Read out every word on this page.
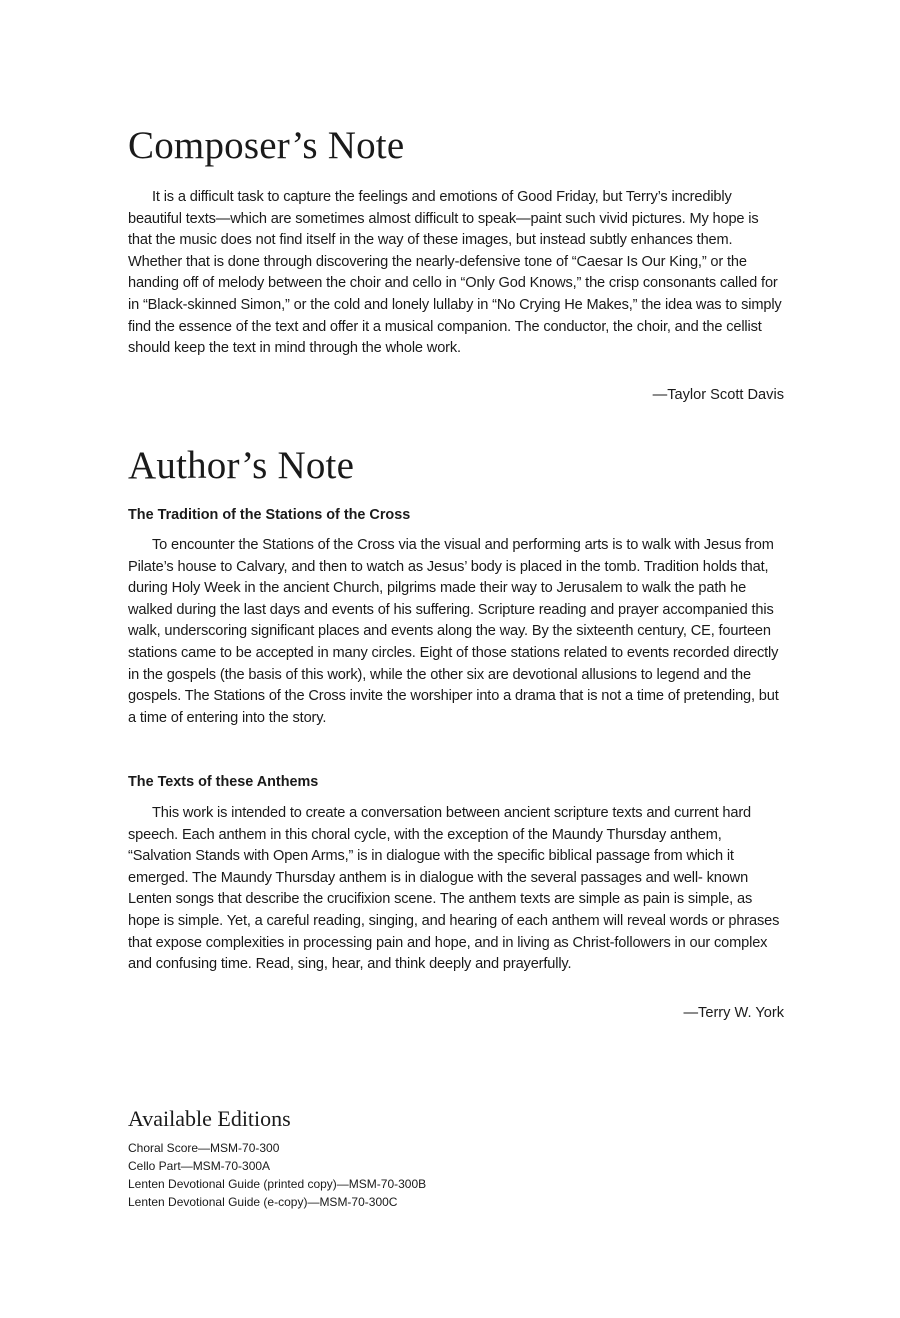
Composer’s Note

It is a difficult task to capture the feelings and emotions of Good Friday, but Terry’s incredibly beautiful texts—which are sometimes almost difficult to speak—paint such vivid pictures. My hope is that the music does not find itself in the way of these images, but instead subtly enhances them. Whether that is done through discovering the nearly-defensive tone of “Caesar Is Our King,” or the handing off of melody between the choir and cello in “Only God Knows,” the crisp consonants called for in “Black-skinned Simon,” or the cold and lonely lullaby in “No Crying He Makes,” the idea was to simply find the essence of the text and offer it a musical companion. The conductor, the choir, and the cellist should keep the text in mind through the whole work.

—Taylor Scott Davis

Author’s Note

The Tradition of the Stations of the Cross

To encounter the Stations of the Cross via the visual and performing arts is to walk with Jesus from Pilate’s house to Calvary, and then to watch as Jesus’ body is placed in the tomb. Tradition holds that, during Holy Week in the ancient Church, pilgrims made their way to Jerusalem to walk the path he walked during the last days and events of his suffering. Scripture reading and prayer accompanied this walk, underscoring significant places and events along the way. By the sixteenth century, CE, fourteen stations came to be accepted in many circles. Eight of those stations related to events recorded directly in the gospels (the basis of this work), while the other six are devotional allusions to legend and the gospels. The Stations of the Cross invite the worshiper into a drama that is not a time of pretending, but a time of entering into the story.

The Texts of these Anthems

This work is intended to create a conversation between ancient scripture texts and current hard speech. Each anthem in this choral cycle, with the exception of the Maundy Thursday anthem, “Salvation Stands with Open Arms,” is in dialogue with the specific biblical passage from which it emerged. The Maundy Thursday anthem is in dialogue with the several passages and well- known Lenten songs that describe the crucifixion scene. The anthem texts are simple as pain is simple, as hope is simple. Yet, a careful reading, singing, and hearing of each anthem will reveal words or phrases that expose complexities in processing pain and hope, and in living as Christ-followers in our complex and confusing time. Read, sing, hear, and think deeply and prayerfully.

—Terry W. York

Available Editions

Choral Score—MSM-70-300

Cello Part—MSM-70-300A

Lenten Devotional Guide (printed copy)—MSM-70-300B

Lenten Devotional Guide (e-copy)—MSM-70-300C
